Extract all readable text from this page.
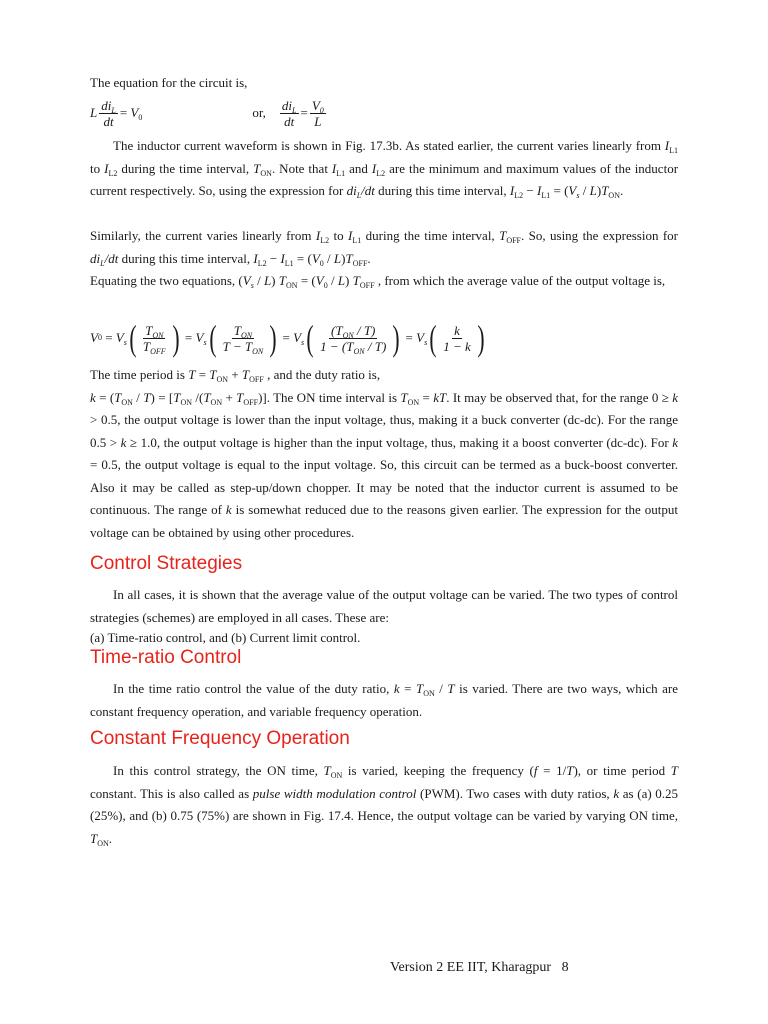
The equation for the circuit is,

L $\frac{di_L}{dt} = V_0$	or, $\frac{di_L}{dt} = \frac{V_0}{L}$

The inductor current waveform is shown in Fig. 17.3b. As stated earlier, the current varies linearly from $I_{L1}$ to $I_{L2}$ during the time interval, $T_{ON}$. Note that $I_{L1}$ and $I_{L2}$ are the minimum and maximum values of the inductor current respectively. So, using the expression for $di_L/dt$ during this time interval, $I_{L2} - I_{L1} = (V_s / L)T_{ON}$.

Similarly, the current varies linearly from $I_{L2}$ to $I_{L1}$ during the time interval, $T_{OFF}$. So, using the expression for $di_L/dt$ during this time interval, $I_{L2} - I_{L1} = (V_0 / L)T_{OFF}$.

Equating the two equations, $(V_s / L) T_{ON} = (V_0 / L)$ $T_{OFF}$ , from which the average value of the output voltage is,

V $0 = V_s$ ( $\frac{T_{ON}}{T_{OFF}}$ ) = $V_s$ ( $\frac{T_{ON}}{T - T_{ON}}$ ) = $V_s$ ( $\frac{(T_{ON} / T)}{1 - (T_{ON} / T)}$ ) = $V_s$ ( $\frac{k}{1 - k}$ )

The time period is $T = T_{ON} + T_{OFF}$ , and the duty ratio is,
$k = (T_{ON} / T) = [T_{ON}$ $/(T_{ON} + T_{OFF})$]. The ON time interval is $T_{ON}$ = kT. It may be observed that, for the range 0 ≥ k > 0.5, the output voltage is lower than the input voltage, thus, making it a buck converter (dc-dc). For the range 0.5 > k ≥ 1.0, the output voltage is higher than the input voltage, thus, making it a boost converter (dc-dc). For k = 0.5, the output voltage is equal to the input voltage. So, this circuit can be termed as a buck-boost converter. Also it may be called as step-up/down chopper. It may be noted that the inductor current is assumed to be continuous. The range of k is somewhat reduced due to the reasons given earlier. The expression for the output voltage can be obtained by using other procedures.

Control Strategies

In all cases, it is shown that the average value of the output voltage can be varied. The two types of control strategies (schemes) are employed in all cases. These are:

(a) Time-ratio control, and (b) Current limit control.

Time-ratio Control

In the time ratio control the value of the duty ratio, $k = T_{ON} / T$ is varied. There are two ways, which are constant frequency operation, and variable frequency operation.

Constant Frequency Operation

In this control strategy, the ON time, $T_{ON}$ is varied, keeping the frequency (f = 1/T), or time period T constant. This is also called as pulse width modulation control (PWM). Two cases with duty ratios, k as (a) 0.25 (25%), and (b) 0.75 (75%) are shown in Fig. 17.4. Hence, the output voltage can be varied by varying ON time, $T_{ON}$.

Version 2 EE IIT, Kharagpur   8
